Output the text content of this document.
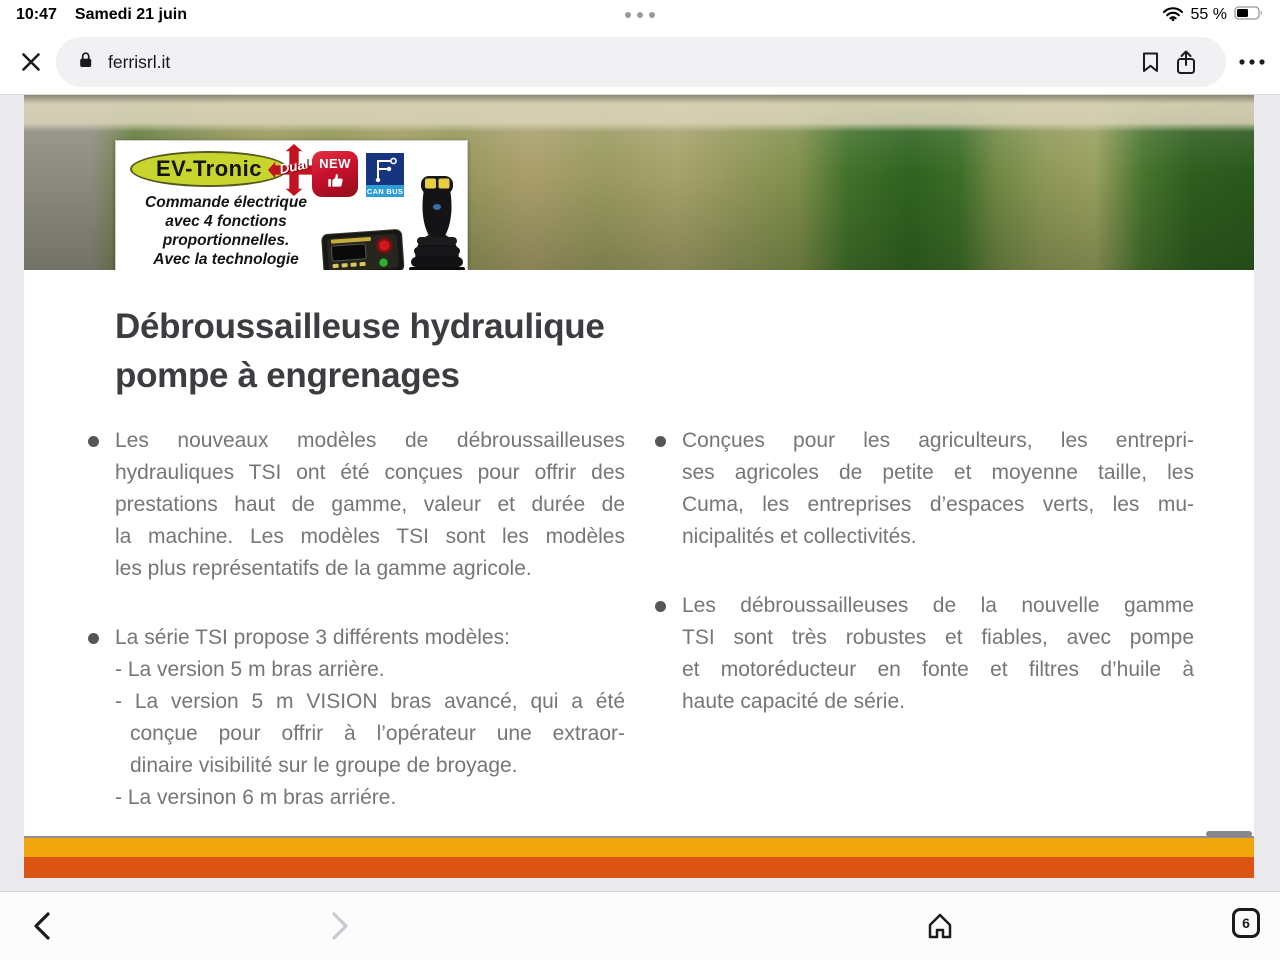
10:47 Samedi 21 juin	55 %
ferrisrl.it
EV-Tronic	Dual
Commande électrique
avec 4 fonctions
proportionnelles.
Avec la technologie
NEW
CAN BUS
Débroussailleuse hydraulique
pompe à engrenages
Les nouveaux modèles de débroussailleuses
hydrauliques TSI ont été conçues pour offrir des
prestations haut de gamme, valeur et durée de
la machine. Les modèles TSI sont les modèles
les plus représentatifs de la gamme agricole.
La série TSI propose 3 différents modèles:
- La version 5 m bras arrière.
- La version 5 m VISION bras avancé, qui a été
conçue pour offrir à l’opérateur une extraor-
dinaire visibilité sur le groupe de broyage.
- La versinon 6 m bras arriére.
Conçues pour les agriculteurs, les entrepri-
ses agricoles de petite et moyenne taille, les
Cuma, les entreprises d’espaces verts, les mu-
nicipalités et collectivités.
Les débroussailleuses de la nouvelle gamme
TSI sont très robustes et fiables, avec pompe
et motoréducteur en fonte et filtres d’huile à
haute capacité de série.
6
